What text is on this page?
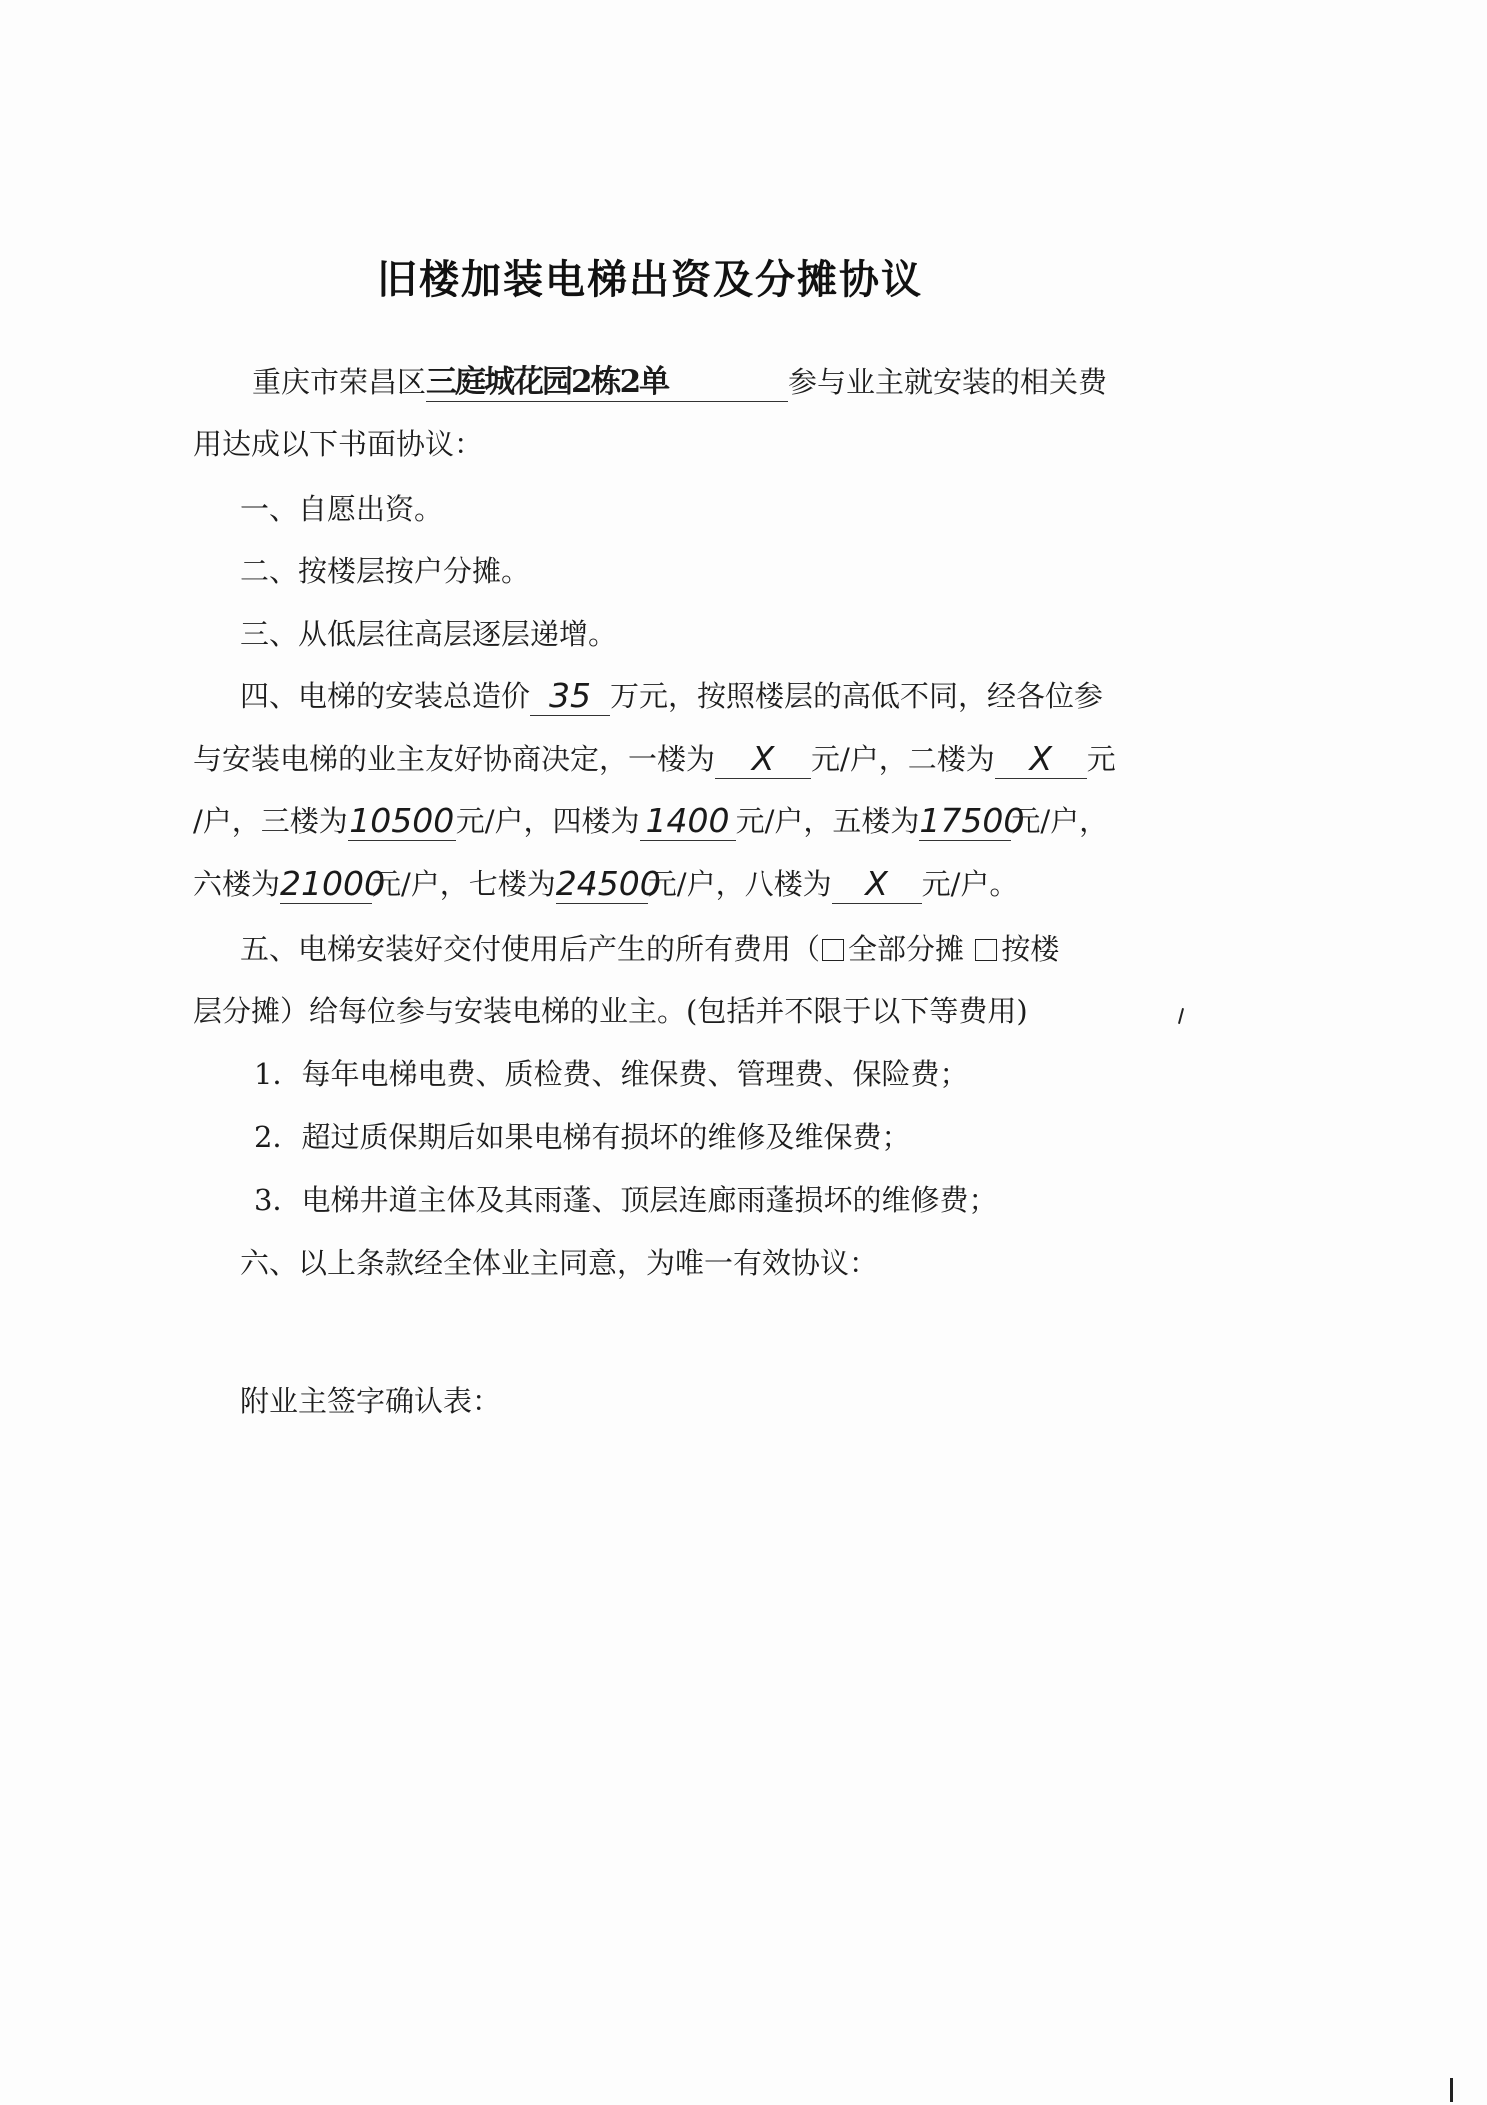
旧楼加装电梯出资及分摊协议
重庆市荣昌区三庭城花园2栋2单	参与业主就安装的相关费
用达成以下书面协议：
一、自愿出资。
二、按楼层按户分摊。
三、从低层往高层逐层递增。
四、电梯的安装总造价 35 万元，按照楼层的高低不同，经各位参
与安装电梯的业主友好协商决定，一楼为 X 元/户，二楼为 X 元
/户，三楼为10500元/户，四楼为 1400 元/户，五楼为17500元/户，
六楼为21000元/户，七楼为24500元/户，八楼为 X 元/户。
五、电梯安装好交付使用后产生的所有费用（ 全部分摊 按楼
层分摊）给每位参与安装电梯的业主。(包括并不限于以下等费用)
1．每年电梯电费、质检费、维保费、管理费、保险费；
2．超过质保期后如果电梯有损坏的维修及维保费；
3．电梯井道主体及其雨蓬、顶层连廊雨蓬损坏的维修费；
六、以上条款经全体业主同意，为唯一有效协议：
附业主签字确认表：
